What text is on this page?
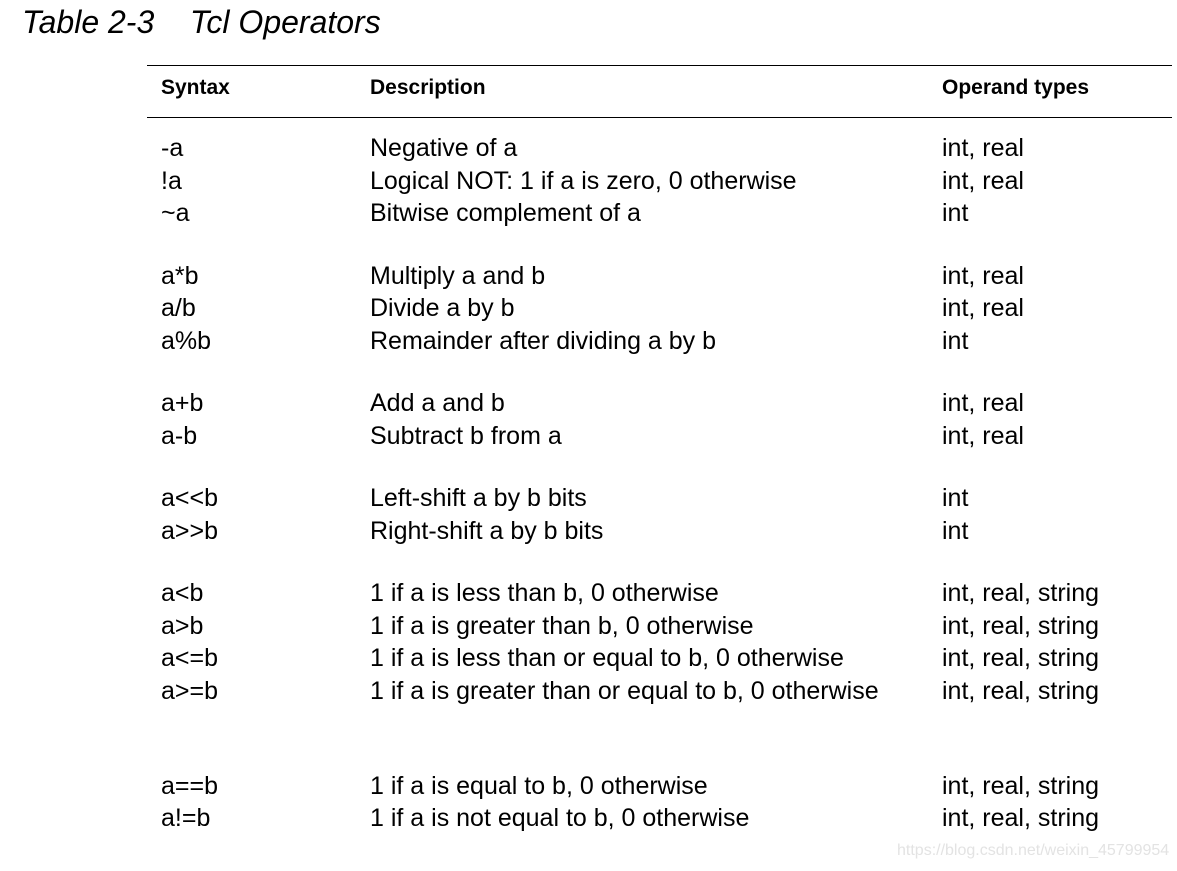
Table 2-3    Tcl Operators
Syntax	Description	Operand types
-a	Negative of a	int, real
!a	Logical NOT: 1 if a is zero, 0 otherwise	int, real
~a	Bitwise complement of a	int
a*b	Multiply a and b	int, real
a/b	Divide a by b	int, real
a%b	Remainder after dividing a by b	int
a+b	Add a and b	int, real
a-b	Subtract b from a	int, real
a<<b	Left-shift a by b bits	int
a>>b	Right-shift a by b bits	int
a<b	1 if a is less than b, 0 otherwise	int, real, string
a>b	1 if a is greater than b, 0 otherwise	int, real, string
a<=b	1 if a is less than or equal to b, 0 otherwise	int, real, string
a>=b	1 if a is greater than or equal to b, 0 otherwise	int, real, string
a==b	1 if a is equal to b, 0 otherwise	int, real, string
a!=b	1 if a is not equal to b, 0 otherwise	int, real, string
https://blog.csdn.net/weixin_45799954
